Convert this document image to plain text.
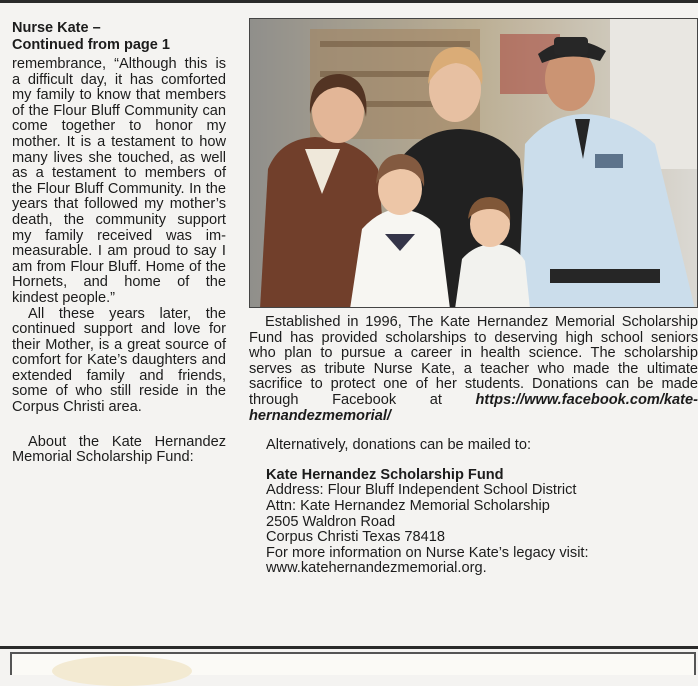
Nurse Kate –

Continued from page 1

remembrance, “Although this is a difficult day, it has comforted my family to know that members of the Flour Bluff Community can come together to honor my mother. It is a testament to how many lives she touched, as well as a testament to members of the Flour Bluff Community. In the years that followed my mother’s death, the community support my family received was immeasurable. I am proud to say I am from Flour Bluff. Home of the Hornets, and home of the kindest people.”

All these years later, the continued support and love for their Mother, is a great source of comfort for Kate’s daughters and extended family and friends, some of who still reside in the Corpus Christi area.

About the Kate Hernandez Memorial Scholarship Fund:

Established in 1996, The Kate Hernandez Memorial Scholarship Fund has provided scholarships to deserving high school seniors who plan to pursue a career in health science. The scholarship serves as tribute Nurse Kate, a teacher who made the ultimate sacrifice to protect one of her students. Donations can be made through Facebook at https://www.facebook.com/katehernandezmemorial/

Alternatively, donations can be mailed to:

Kate Hernandez Scholarship Fund

Address: Flour Bluff Independent School District

Attn: Kate Hernandez Memorial Scholarship

2505 Waldron Road

Corpus Christi Texas 78418

For more information on Nurse Kate’s legacy visit: www.katehernandezmemorial.org.
